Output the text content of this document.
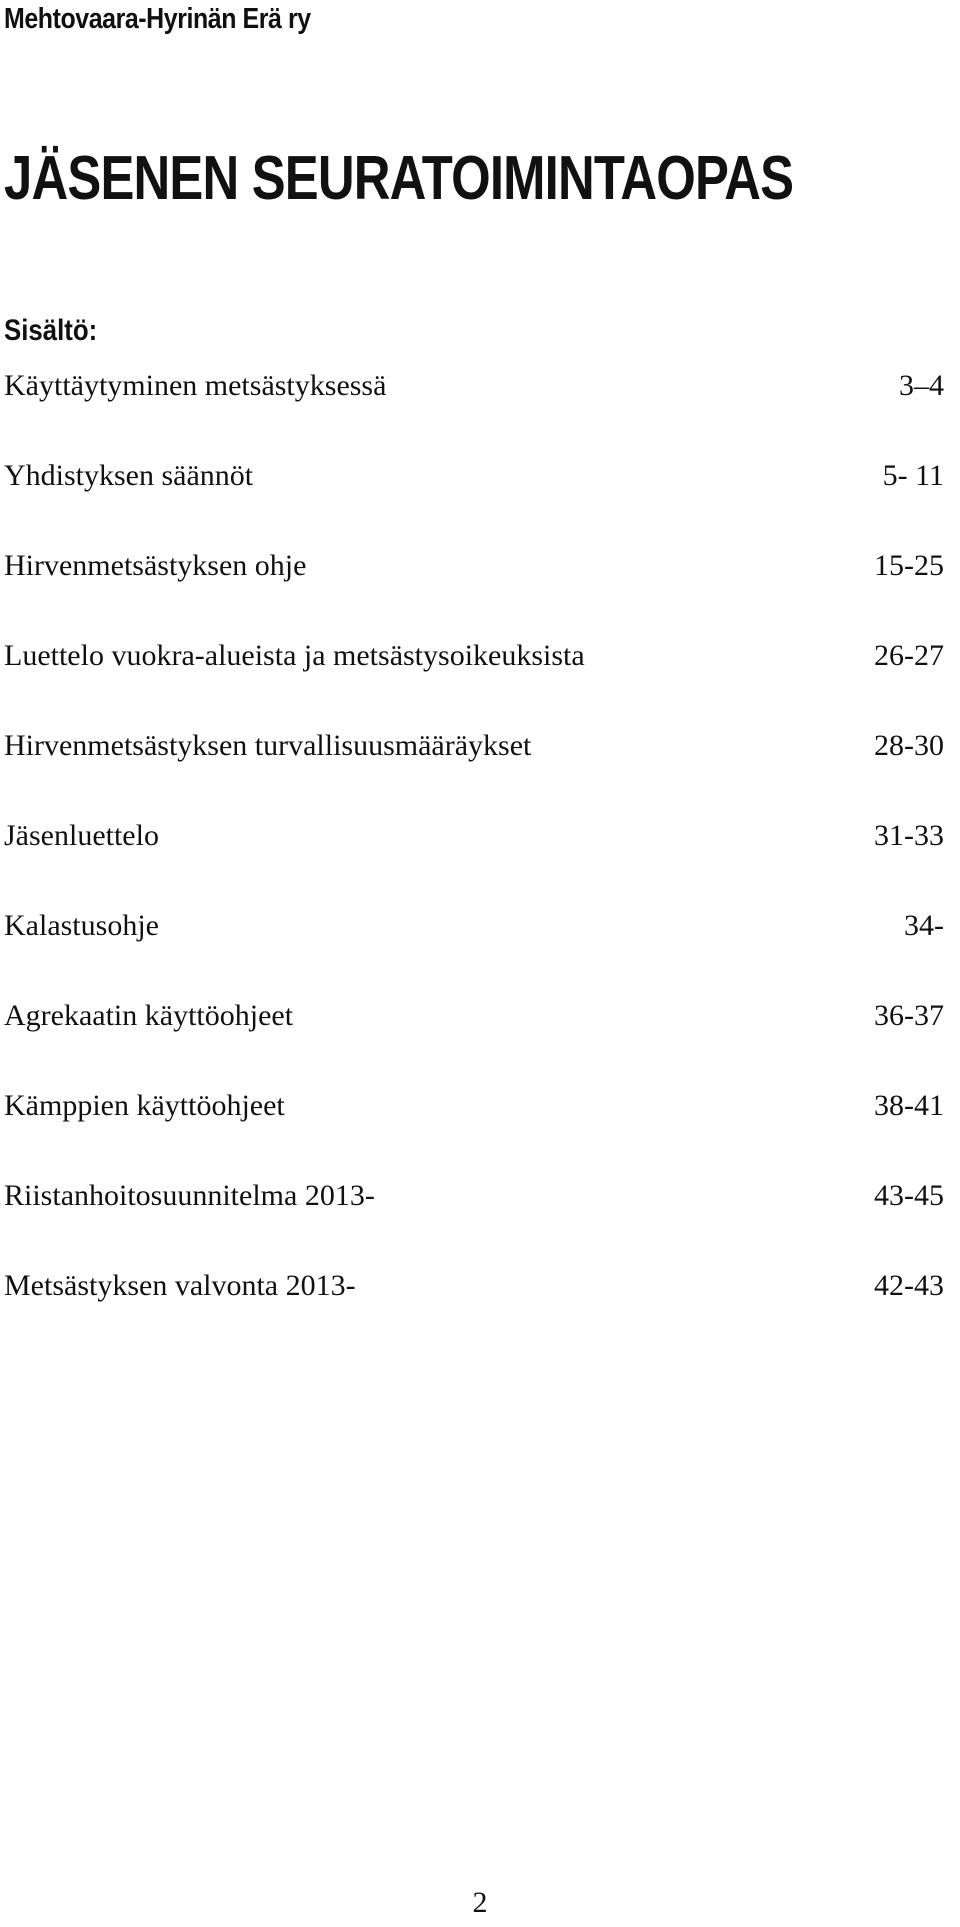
Mehtovaara-Hyrinän Erä ry
JÄSENEN SEURATOIMINTAOPAS
Sisältö:
Käyttäytyminen metsästyksessä	3–4
Yhdistyksen säännöt	5- 11
Hirvenmetsästyksen ohje	15-25
Luettelo vuokra-alueista ja metsästysoikeuksista	26-27
Hirvenmetsästyksen turvallisuusmääräykset	28-30
Jäsenluettelo	31-33
Kalastusohje	34-
Agrekaatin käyttöohjeet	36-37
Kämppien käyttöohjeet	38-41
Riistanhoitosuunnitelma 2013-	43-45
Metsästyksen valvonta 2013-	42-43
2
